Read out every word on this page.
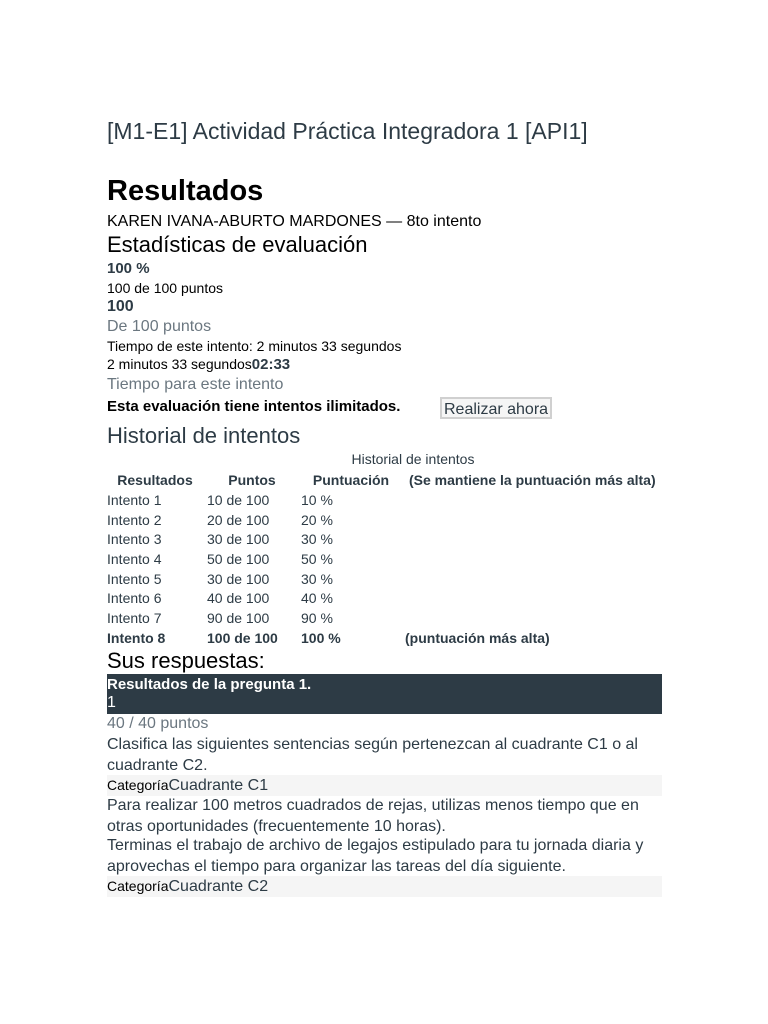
[M1-E1] Actividad Práctica Integradora 1 [API1]
Resultados
KAREN IVANA-ABURTO MARDONES — 8to intento
Estadísticas de evaluación
100 %
100 de 100 puntos
100
De 100 puntos
Tiempo de este intento: 2 minutos 33 segundos
2 minutos 33 segundos02:33
Tiempo para este intento
Esta evaluación tiene intentos ilimitados.	Realizar ahora
Historial de intentos
Historial de intentos
Resultados	Puntos	Puntuación	(Se mantiene la puntuación más alta)
Intento 1	10 de 100	10 %	
Intento 2	20 de 100	20 %	
Intento 3	30 de 100	30 %	
Intento 4	50 de 100	50 %	
Intento 5	30 de 100	30 %	
Intento 6	40 de 100	40 %	
Intento 7	90 de 100	90 %	
Intento 8	100 de 100	100 %	(puntuación más alta)
Sus respuestas:
Resultados de la pregunta 1.
1
40 / 40 puntos
Clasifica las siguientes sentencias según pertenezcan al cuadrante C1 o al cuadrante C2.
CategoríaCuadrante C1
Para realizar 100 metros cuadrados de rejas, utilizas menos tiempo que en otras oportunidades (frecuentemente 10 horas).
Terminas el trabajo de archivo de legajos estipulado para tu jornada diaria y aprovechas el tiempo para organizar las tareas del día siguiente.
CategoríaCuadrante C2
